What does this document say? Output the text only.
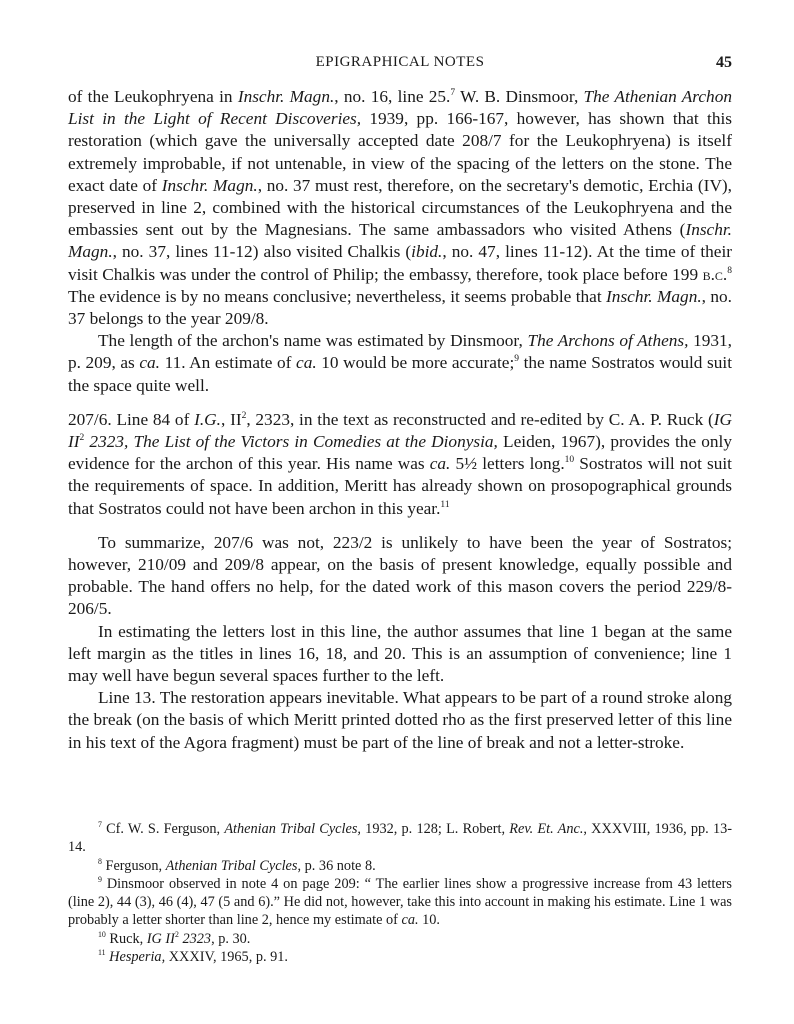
EPIGRAPHICAL NOTES	45

of the Leukophryena in Inschr. Magn., no. 16, line 25.$^7$ W. B. Dinsmoor, The Athenian Archon List in the Light of Recent Discoveries, 1939, pp. 166-167, however, has shown that this restoration (which gave the universally accepted date 208/7 for the Leukophryena) is itself extremely improbable, if not untenable, in view of the spacing of the letters on the stone. The exact date of Inschr. Magn., no. 37 must rest, therefore, on the secretary's demotic, Erchia (IV), preserved in line 2, combined with the historical circumstances of the Leukophryena and the embassies sent out by the Magnesians. The same ambassadors who visited Athens (Inschr. Magn., no. 37, lines 11-12) also visited Chalkis (ibid., no. 47, lines 11-12). At the time of their visit Chalkis was under the control of Philip; the embassy, therefore, took place before 199 b.c.$^8$ The evidence is by no means conclusive; nevertheless, it seems probable that Inschr. Magn., no. 37 belongs to the year 209/8.

The length of the archon's name was estimated by Dinsmoor, The Archons of Athens, 1931, p. 209, as ca. 11. An estimate of ca. 10 would be more accurate;$^9$ the name Sostratos would suit the space quite well.

207/6. Line 84 of I.G., $II^2$, 2323, in the text as reconstructed and re-edited by C. A. P. Ruck (IG $II^2$ 2323, The List of the Victors in Comedies at the Dionysia, Leiden, 1967), provides the only evidence for the archon of this year. His name was ca. 5½ letters long.$^{10}$ Sostratos will not suit the requirements of space. In addition, Meritt has already shown on prosopographical grounds that Sostratos could not have been archon in this year.$^{11}$

To summarize, 207/6 was not, 223/2 is unlikely to have been the year of Sostratos; however, 210/09 and 209/8 appear, on the basis of present knowledge, equally possible and probable. The hand offers no help, for the dated work of this mason covers the period 229/8-206/5.

In estimating the letters lost in this line, the author assumes that line 1 began at the same left margin as the titles in lines 16, 18, and 20. This is an assumption of convenience; line 1 may well have begun several spaces further to the left.

Line 13. The restoration appears inevitable. What appears to be part of a round stroke along the break (on the basis of which Meritt printed dotted rho as the first preserved letter of this line in his text of the Agora fragment) must be part of the line of break and not a letter-stroke.

$^7$ Cf. W. S. Ferguson, Athenian Tribal Cycles, 1932, p. 128; L. Robert, Rev. Et. Anc., XXXVIII, 1936, pp. 13-14.

$^8$ Ferguson, Athenian Tribal Cycles, p. 36 note 8.

$^9$ Dinsmoor observed in note 4 on page 209: “ The earlier lines show a progressive increase from 43 letters (line 2), 44 (3), 46 (4), 47 (5 and 6).” He did not, however, take this into account in making his estimate. Line 1 was probably a letter shorter than line 2, hence my estimate of ca. 10.

$^{10}$ Ruck, IG $II^2$ 2323, p. 30.

$^{11}$ Hesperia, XXXIV, 1965, p. 91.
